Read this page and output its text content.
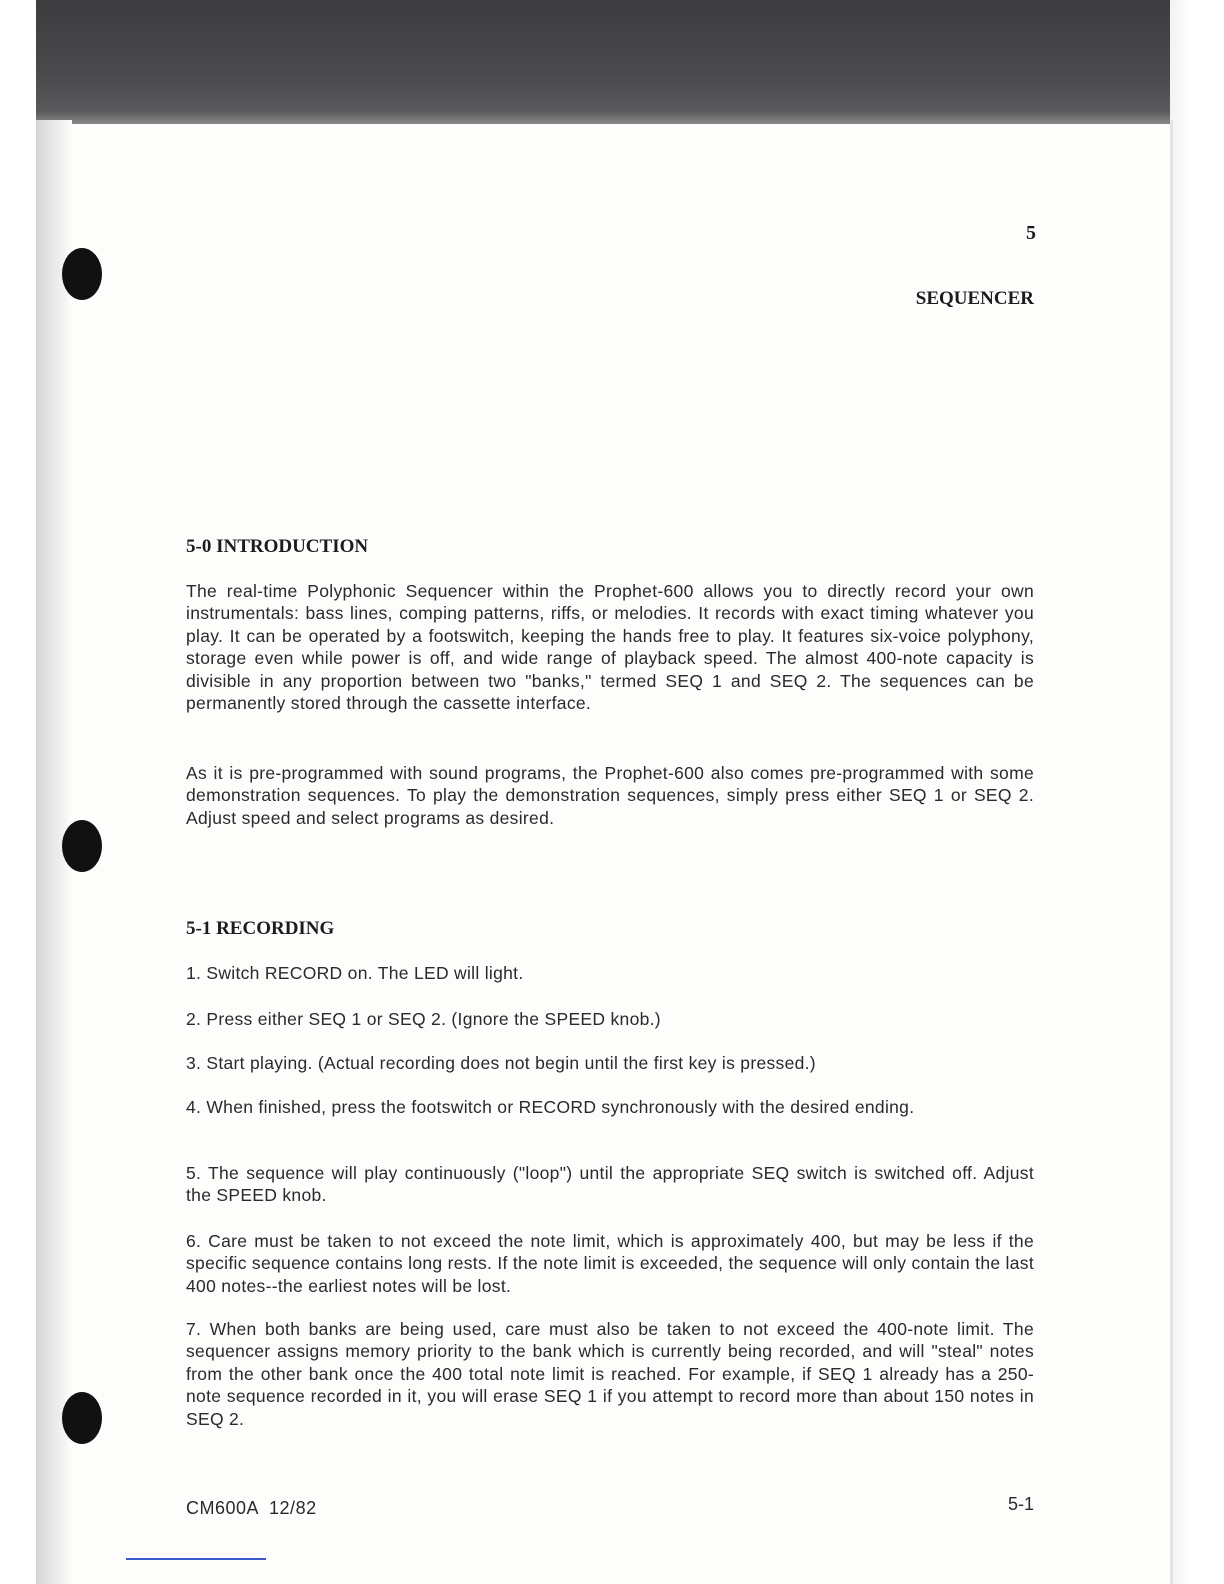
5
SEQUENCER
5-0 INTRODUCTION
The real-time Polyphonic Sequencer within the Prophet-600 allows you to directly record your own instrumentals: bass lines, comping patterns, riffs, or melodies. It records with exact timing whatever you play. It can be operated by a footswitch, keeping the hands free to play. It features six-voice polyphony, storage even while power is off, and wide range of playback speed. The almost 400-note capacity is divisible in any proportion between two "banks," termed SEQ 1 and SEQ 2. The sequences can be permanently stored through the cassette interface.
As it is pre-programmed with sound programs, the Prophet-600 also comes pre-programmed with some demonstration sequences. To play the demonstration sequences, simply press either SEQ 1 or SEQ 2. Adjust speed and select programs as desired.
5-1 RECORDING
1. Switch RECORD on. The LED will light.
2. Press either SEQ 1 or SEQ 2. (Ignore the SPEED knob.)
3. Start playing. (Actual recording does not begin until the first key is pressed.)
4. When finished, press the footswitch or RECORD synchronously with the desired ending.
5. The sequence will play continuously ("loop") until the appropriate SEQ switch is switched off. Adjust the SPEED knob.
6. Care must be taken to not exceed the note limit, which is approximately 400, but may be less if the specific sequence contains long rests. If the note limit is exceeded, the sequence will only contain the last 400 notes--the earliest notes will be lost.
7. When both banks are being used, care must also be taken to not exceed the 400-note limit. The sequencer assigns memory priority to the bank which is currently being recorded, and will "steal" notes from the other bank once the 400 total note limit is reached. For example, if SEQ 1 already has a 250-note sequence recorded in it, you will erase SEQ 1 if you attempt to record more than about 150 notes in SEQ 2.
CM600A  12/82	5-1
